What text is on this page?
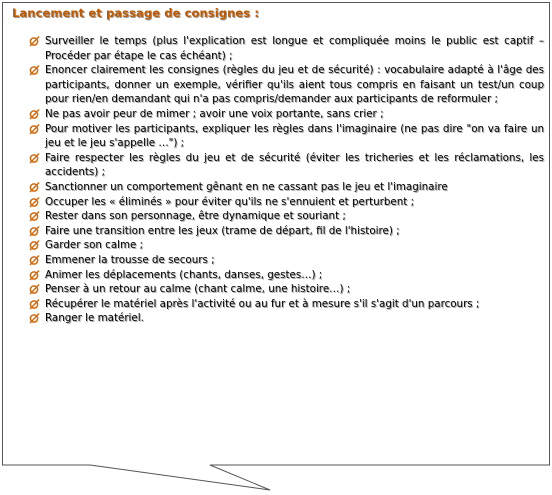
Lancement et passage de consignes :
Surveiller le temps (plus l'explication est longue et compliquée moins le public est captif – Procéder par étape le cas échéant) ;
Enoncer clairement les consignes (règles du jeu et de sécurité) : vocabulaire adapté à l'âge des participants, donner un exemple, vérifier qu'ils aient tous compris en faisant un test/un coup pour rien/en demandant qui n'a pas compris/demander aux participants de reformuler ;
Ne pas avoir peur de mimer ; avoir une voix portante, sans crier ;
Pour motiver les participants, expliquer les règles dans l'imaginaire (ne pas dire "on va faire un jeu et le jeu s'appelle …") ;
Faire respecter les règles du jeu et de sécurité (éviter les tricheries et les réclamations, les accidents) ;
Sanctionner un comportement gênant en ne cassant pas le jeu et l'imaginaire
Occuper les « éliminés » pour éviter qu'ils ne s'ennuient et perturbent ;
Rester dans son personnage, être dynamique et souriant ;
Faire une transition entre les jeux (trame de départ, fil de l'histoire) ;
Garder son calme ;
Emmener la trousse de secours ;
Animer les déplacements (chants, danses, gestes…) ;
Penser à un retour au calme (chant calme, une histoire…) ;
Récupérer le matériel après l'activité ou au fur et à mesure s'il s'agit d'un parcours ;
Ranger le matériel.
